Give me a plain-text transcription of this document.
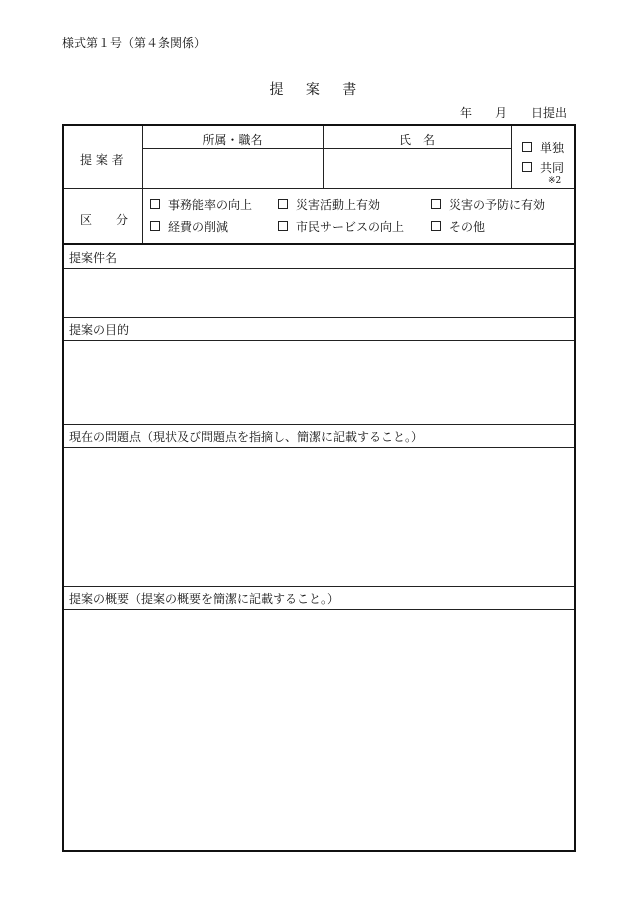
様式第１号（第４条関係）
提　案　書
年 月 日提出
提 案 者
所属・職名	氏　名
単独
共同
※2
区　　分
事務能率の向上	災害活動上有効	災害の予防に有効
経費の削減	市民サービスの向上	その他
提案件名
提案の目的
現在の問題点（現状及び問題点を指摘し、簡潔に記載すること。）
提案の概要（提案の概要を簡潔に記載すること。）
